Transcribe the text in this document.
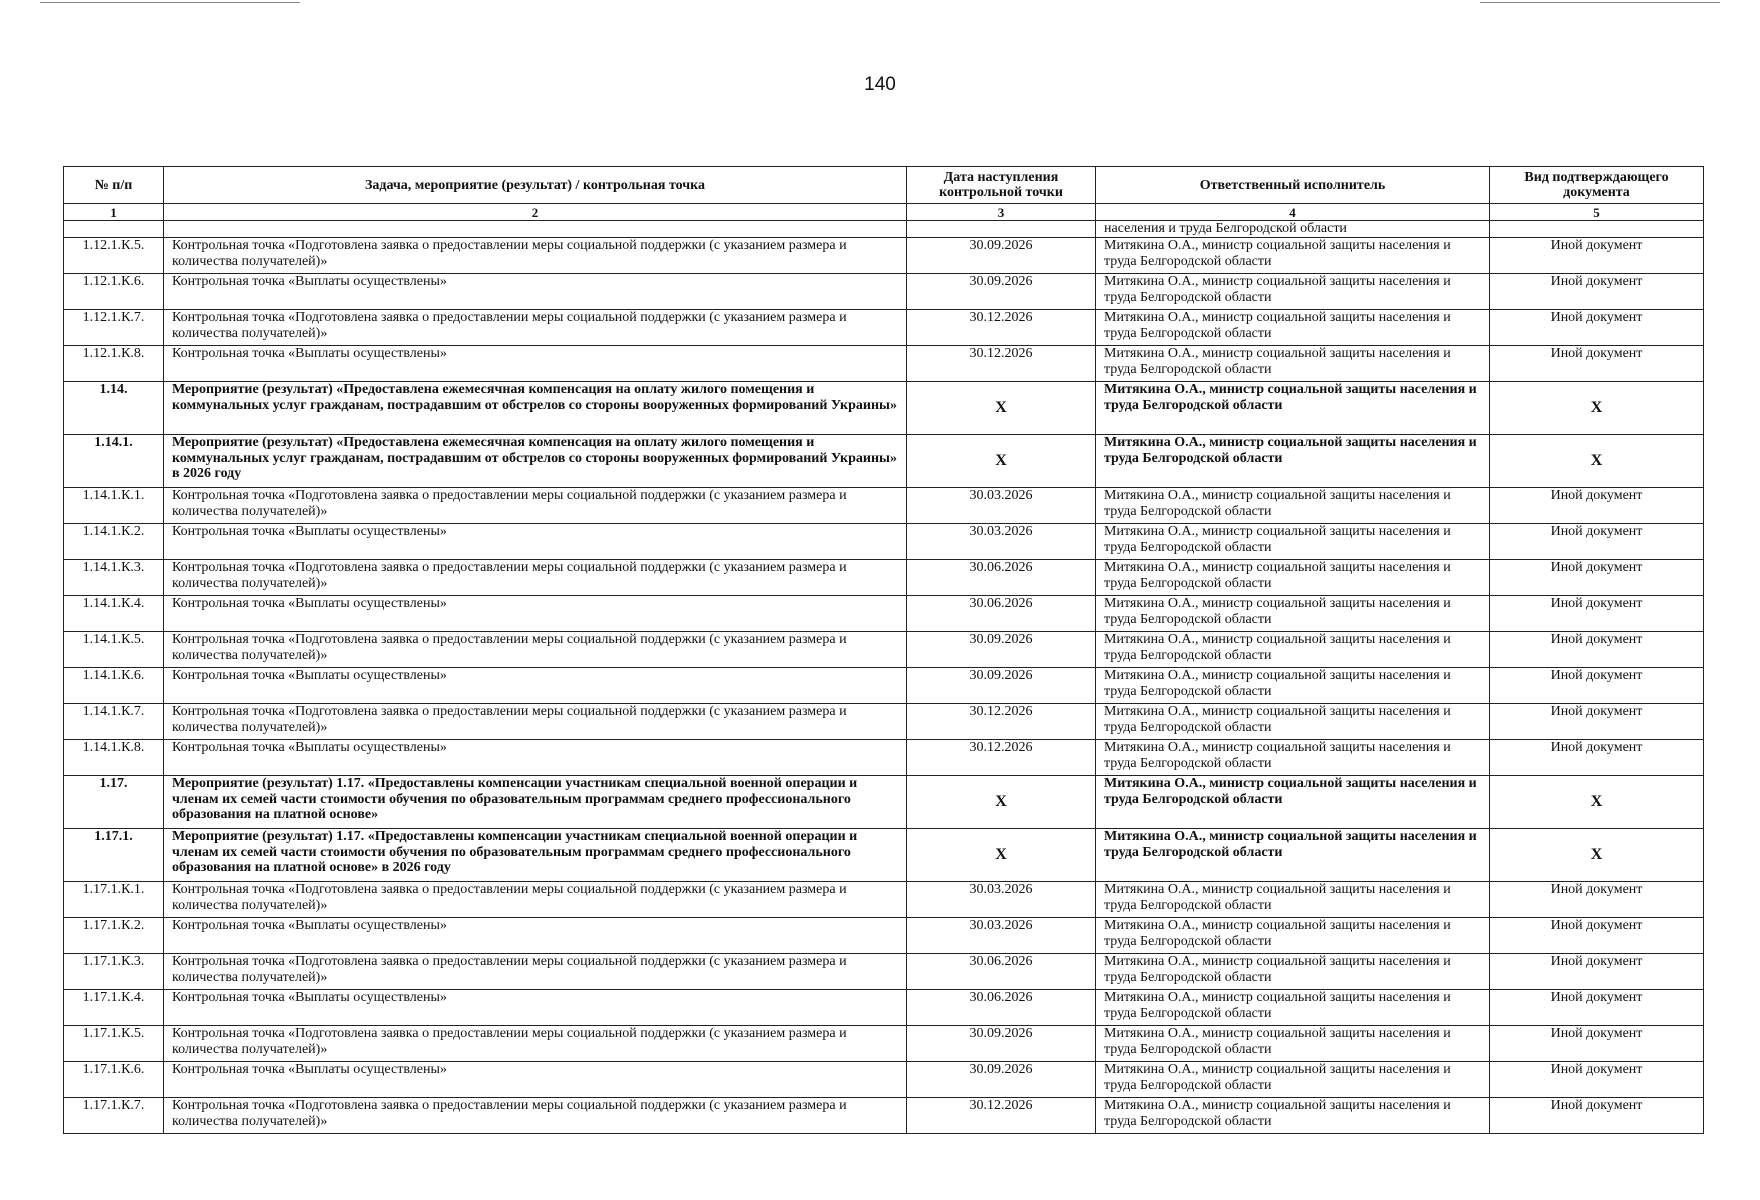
140
№ п/п	Задача, мероприятие (результат) / контрольная точка	Дата наступления контрольной точки	Ответственный исполнитель	Вид подтверждающего документа
1	2	3	4	5
			населения и труда Белгородской области	
1.12.1.К.5.	Контрольная точка «Подготовлена заявка о предоставлении меры социальной поддержки (с указанием размера и количества получателей)»	30.09.2026	Митякина О.А., министр социальной защиты населения и труда Белгородской области	Иной документ
1.12.1.К.6.	Контрольная точка «Выплаты осуществлены»	30.09.2026	Митякина О.А., министр социальной защиты населения и труда Белгородской области	Иной документ
1.12.1.К.7.	Контрольная точка «Подготовлена заявка о предоставлении меры социальной поддержки (с указанием размера и количества получателей)»	30.12.2026	Митякина О.А., министр социальной защиты населения и труда Белгородской области	Иной документ
1.12.1.К.8.	Контрольная точка «Выплаты осуществлены»	30.12.2026	Митякина О.А., министр социальной защиты населения и труда Белгородской области	Иной документ
1.14.	Мероприятие (результат) «Предоставлена ежемесячная компенсация на оплату жилого помещения и коммунальных услуг гражданам, пострадавшим от обстрелов со стороны вооруженных формирований Украины»	X	Митякина О.А., министр социальной защиты населения и труда Белгородской области	X
1.14.1.	Мероприятие (результат) «Предоставлена ежемесячная компенсация на оплату жилого помещения и коммунальных услуг гражданам, пострадавшим от обстрелов со стороны вооруженных формирований Украины» в 2026 году	X	Митякина О.А., министр социальной защиты населения и труда Белгородской области	X
1.14.1.К.1.	Контрольная точка «Подготовлена заявка о предоставлении меры социальной поддержки (с указанием размера и количества получателей)»	30.03.2026	Митякина О.А., министр социальной защиты населения и труда Белгородской области	Иной документ
1.14.1.К.2.	Контрольная точка «Выплаты осуществлены»	30.03.2026	Митякина О.А., министр социальной защиты населения и труда Белгородской области	Иной документ
1.14.1.К.3.	Контрольная точка «Подготовлена заявка о предоставлении меры социальной поддержки (с указанием размера и количества получателей)»	30.06.2026	Митякина О.А., министр социальной защиты населения и труда Белгородской области	Иной документ
1.14.1.К.4.	Контрольная точка «Выплаты осуществлены»	30.06.2026	Митякина О.А., министр социальной защиты населения и труда Белгородской области	Иной документ
1.14.1.К.5.	Контрольная точка «Подготовлена заявка о предоставлении меры социальной поддержки (с указанием размера и количества получателей)»	30.09.2026	Митякина О.А., министр социальной защиты населения и труда Белгородской области	Иной документ
1.14.1.К.6.	Контрольная точка «Выплаты осуществлены»	30.09.2026	Митякина О.А., министр социальной защиты населения и труда Белгородской области	Иной документ
1.14.1.К.7.	Контрольная точка «Подготовлена заявка о предоставлении меры социальной поддержки (с указанием размера и количества получателей)»	30.12.2026	Митякина О.А., министр социальной защиты населения и труда Белгородской области	Иной документ
1.14.1.К.8.	Контрольная точка «Выплаты осуществлены»	30.12.2026	Митякина О.А., министр социальной защиты населения и труда Белгородской области	Иной документ
1.17.	Мероприятие (результат) 1.17. «Предоставлены компенсации участникам специальной военной операции и членам их семей части стоимости обучения по образовательным программам среднего профессионального образования на платной основе»	X	Митякина О.А., министр социальной защиты населения и труда Белгородской области	X
1.17.1.	Мероприятие (результат) 1.17. «Предоставлены компенсации участникам специальной военной операции и членам их семей части стоимости обучения по образовательным программам среднего профессионального образования на платной основе» в 2026 году	X	Митякина О.А., министр социальной защиты населения и труда Белгородской области	X
1.17.1.К.1.	Контрольная точка «Подготовлена заявка о предоставлении меры социальной поддержки (с указанием размера и количества получателей)»	30.03.2026	Митякина О.А., министр социальной защиты населения и труда Белгородской области	Иной документ
1.17.1.К.2.	Контрольная точка «Выплаты осуществлены»	30.03.2026	Митякина О.А., министр социальной защиты населения и труда Белгородской области	Иной документ
1.17.1.К.3.	Контрольная точка «Подготовлена заявка о предоставлении меры социальной поддержки (с указанием размера и количества получателей)»	30.06.2026	Митякина О.А., министр социальной защиты населения и труда Белгородской области	Иной документ
1.17.1.К.4.	Контрольная точка «Выплаты осуществлены»	30.06.2026	Митякина О.А., министр социальной защиты населения и труда Белгородской области	Иной документ
1.17.1.К.5.	Контрольная точка «Подготовлена заявка о предоставлении меры социальной поддержки (с указанием размера и количества получателей)»	30.09.2026	Митякина О.А., министр социальной защиты населения и труда Белгородской области	Иной документ
1.17.1.К.6.	Контрольная точка «Выплаты осуществлены»	30.09.2026	Митякина О.А., министр социальной защиты населения и труда Белгородской области	Иной документ
1.17.1.К.7.	Контрольная точка «Подготовлена заявка о предоставлении меры социальной поддержки (с указанием размера и количества получателей)»	30.12.2026	Митякина О.А., министр социальной защиты населения и труда Белгородской области	Иной документ
